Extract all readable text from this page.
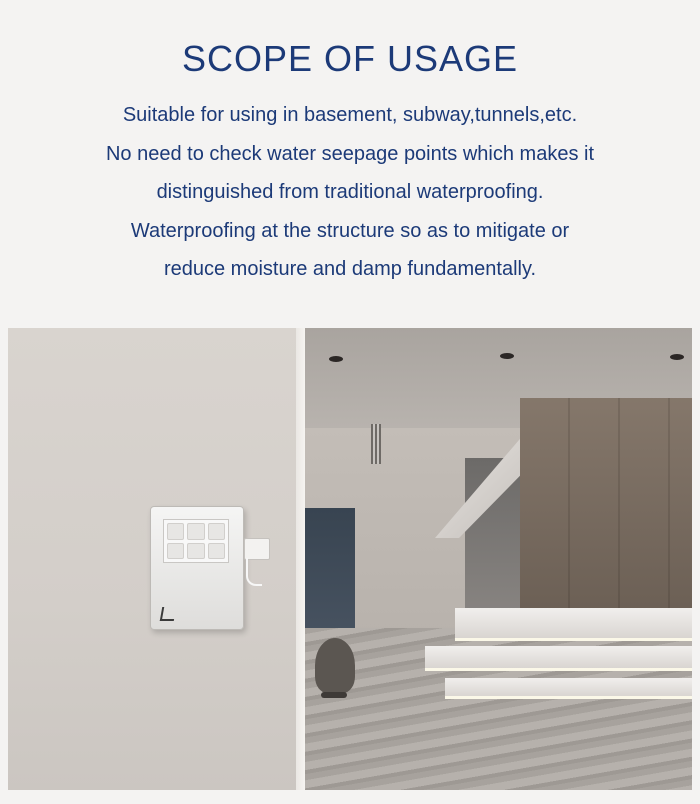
SCOPE OF USAGE
Suitable for using in basement, subway,tunnels,etc.
No need to check water seepage points which makes it
distinguished from traditional waterproofing.
Waterproofing at the structure so as to mitigate or
reduce moisture and damp fundamentally.
